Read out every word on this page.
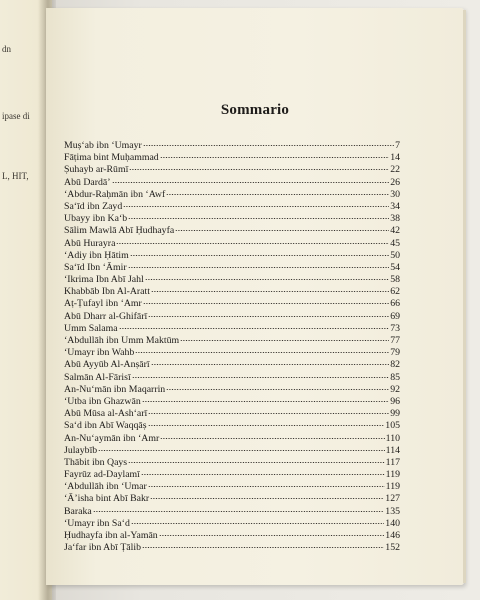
dn
ipase di
L, HIT,
Sommario
Muṣ‘ab ibn ‘Umayr	7
Fāṭima bint Muḥammad	14
Ṣuhayb ar-Rūmī	22
Abū Dardā’	26
‘Abdur-Raḥmān ibn ‘Awf	30
Sa‘īd ibn Zayd	34
Ubayy ibn Ka‘b	38
Sālim Mawlā Abī Ḥudhayfa	42
Abū Hurayra	45
‘Adiy ibn Ḥātim	50
Sa‘īd Ibn ‘Āmir	54
‘Ikrima Ibn Abī Jahl	58
Khabbāb Ibn Al-Aratt	62
Aṭ-Ṭufayl ibn ‘Amr	66
Abū Dharr al-Ghifārī	69
Umm Salama	73
‘Abdullāh ibn Umm Maktūm	77
‘Umayr ibn Wahb	79
Abū Ayyūb Al-Anṣārī	82
Salmān Al-Fārisī	85
An-Nu‘mān ibn Maqarrin	92
‘Utba ibn Ghazwān	96
Abū Mūsa al-Ash‘arī	99
Sa‘d ibn Abī Waqqāṣ	105
An-Nu‘aymān ibn ‘Amr	110
Julaybīb	114
Thābit ibn Qays	117
Fayrūz ad-Daylamī	119
‘Abdullāh ibn ‘Umar	119
‘Ā’isha bint Abī Bakr	127
Baraka	135
‘Umayr ibn Sa‘d	140
Ḥudhayfa ibn al-Yamān	146
Ja‘far ibn Abī Ṭālib	152
